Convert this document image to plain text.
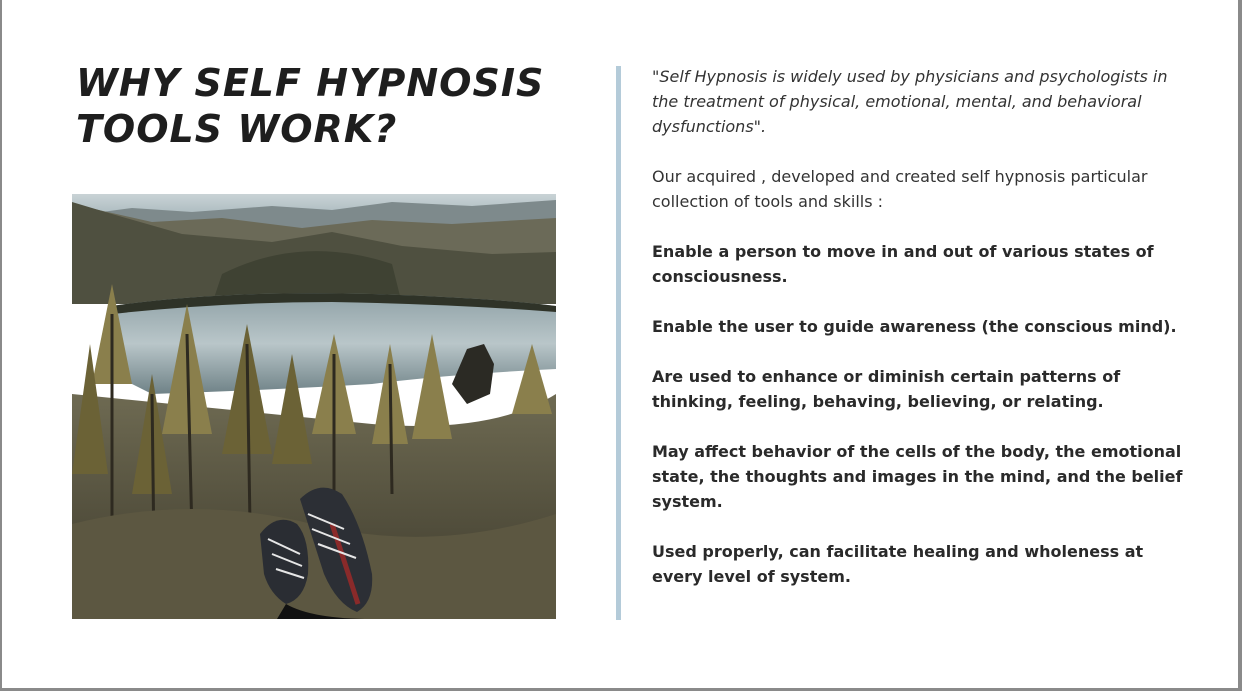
WHY SELF HYPNOSIS
TOOLS WORK?

"Self Hypnosis is widely used by physicians and psychologists in the treatment of physical, emotional, mental, and behavioral dysfunctions".

Our acquired , developed and created self hypnosis particular collection of tools and skills :

Enable a person to move in and out of various states of consciousness.

Enable the user to guide awareness (the conscious mind).

Are used to enhance or diminish certain patterns of thinking, feeling, behaving, believing, or relating.

May affect behavior of the cells of the body, the emotional state, the thoughts and images in the mind, and the belief system.

Used properly, can facilitate healing and wholeness at every level of system.
